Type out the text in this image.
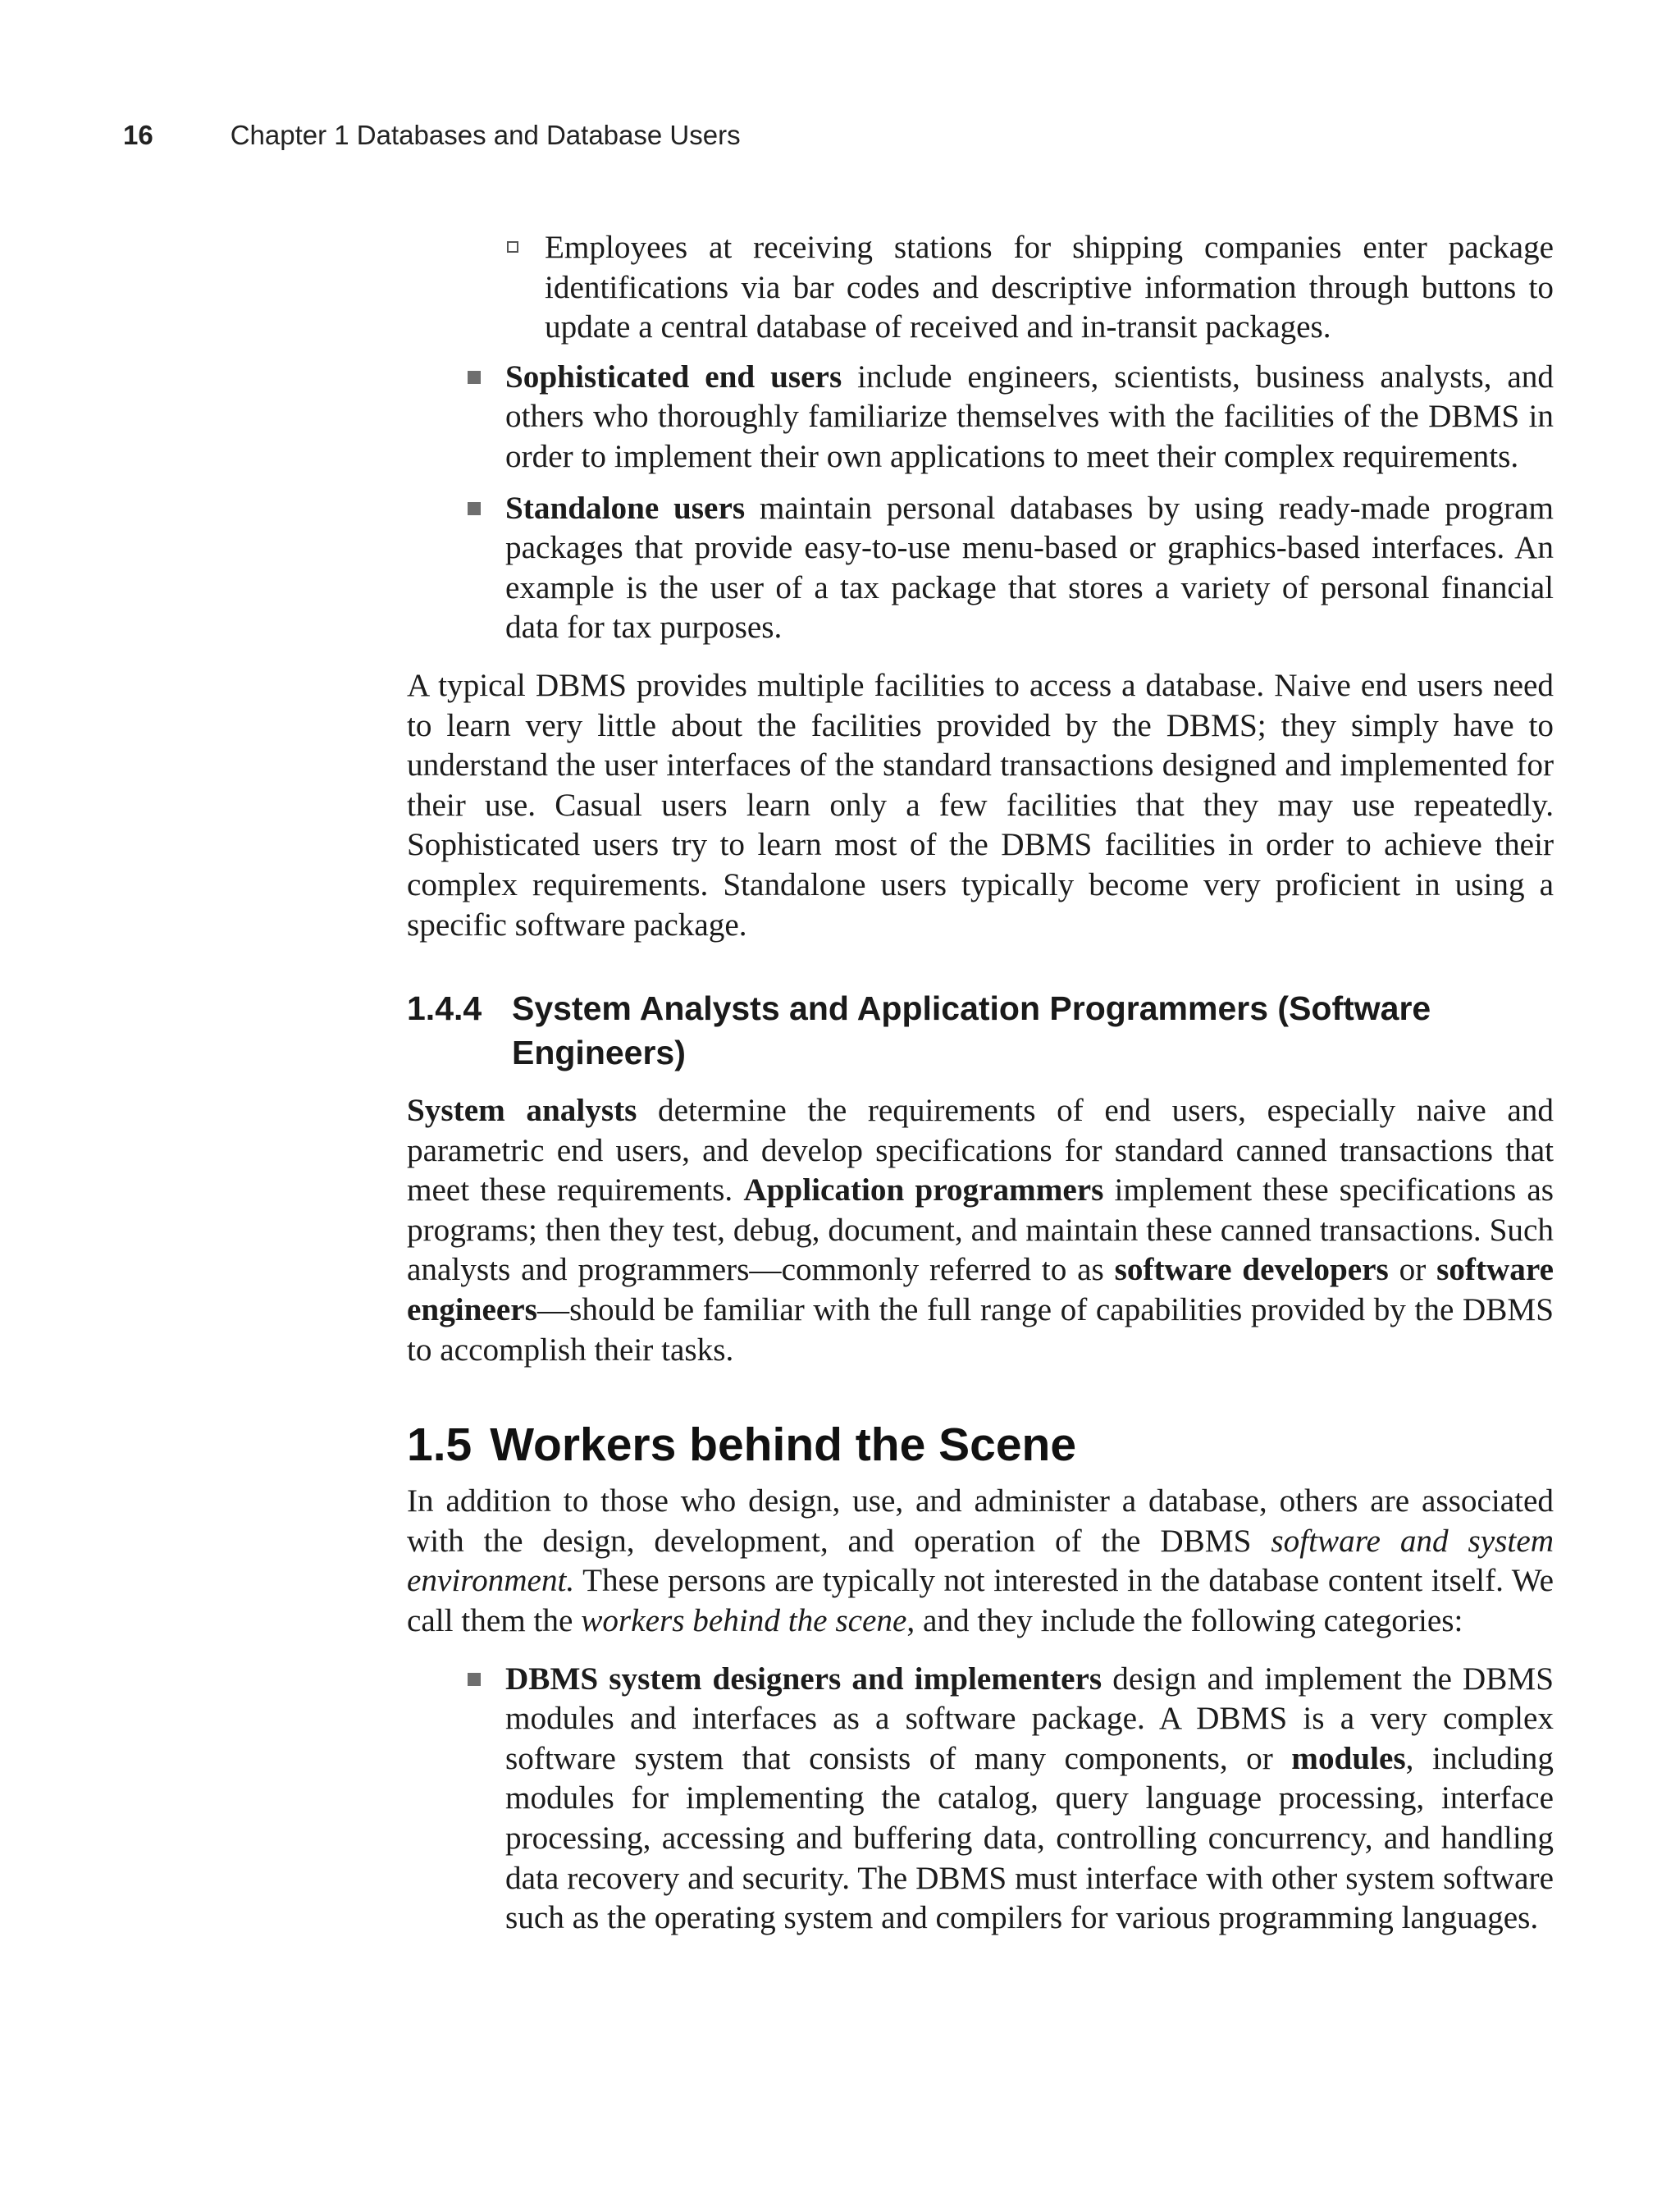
16	Chapter 1 Databases and Database Users

Employees at receiving stations for shipping companies enter package identifications via bar codes and descriptive information through buttons to update a central database of received and in-transit packages.

Sophisticated end users include engineers, scientists, business analysts, and others who thoroughly familiarize themselves with the facilities of the DBMS in order to implement their own applications to meet their complex requirements.

Standalone users maintain personal databases by using ready-made program packages that provide easy-to-use menu-based or graphics-based interfaces. An example is the user of a tax package that stores a variety of personal financial data for tax purposes.

A typical DBMS provides multiple facilities to access a database. Naive end users need to learn very little about the facilities provided by the DBMS; they simply have to understand the user interfaces of the standard transactions designed and implemented for their use. Casual users learn only a few facilities that they may use repeatedly. Sophisticated users try to learn most of the DBMS facilities in order to achieve their complex requirements. Standalone users typically become very proficient in using a specific software package.

1.4.4 System Analysts and Application Programmers (Software Engineers)

System analysts determine the requirements of end users, especially naive and parametric end users, and develop specifications for standard canned transactions that meet these requirements. Application programmers implement these specifications as programs; then they test, debug, document, and maintain these canned transactions. Such analysts and programmers—commonly referred to as software developers or software engineers—should be familiar with the full range of capabilities provided by the DBMS to accomplish their tasks.

1.5 Workers behind the Scene

In addition to those who design, use, and administer a database, others are associated with the design, development, and operation of the DBMS software and system environment. These persons are typically not interested in the database content itself. We call them the workers behind the scene, and they include the following categories:

DBMS system designers and implementers design and implement the DBMS modules and interfaces as a software package. A DBMS is a very complex software system that consists of many components, or modules, including modules for implementing the catalog, query language processing, interface processing, accessing and buffering data, controlling concurrency, and handling data recovery and security. The DBMS must interface with other system software such as the operating system and compilers for various programming languages.
